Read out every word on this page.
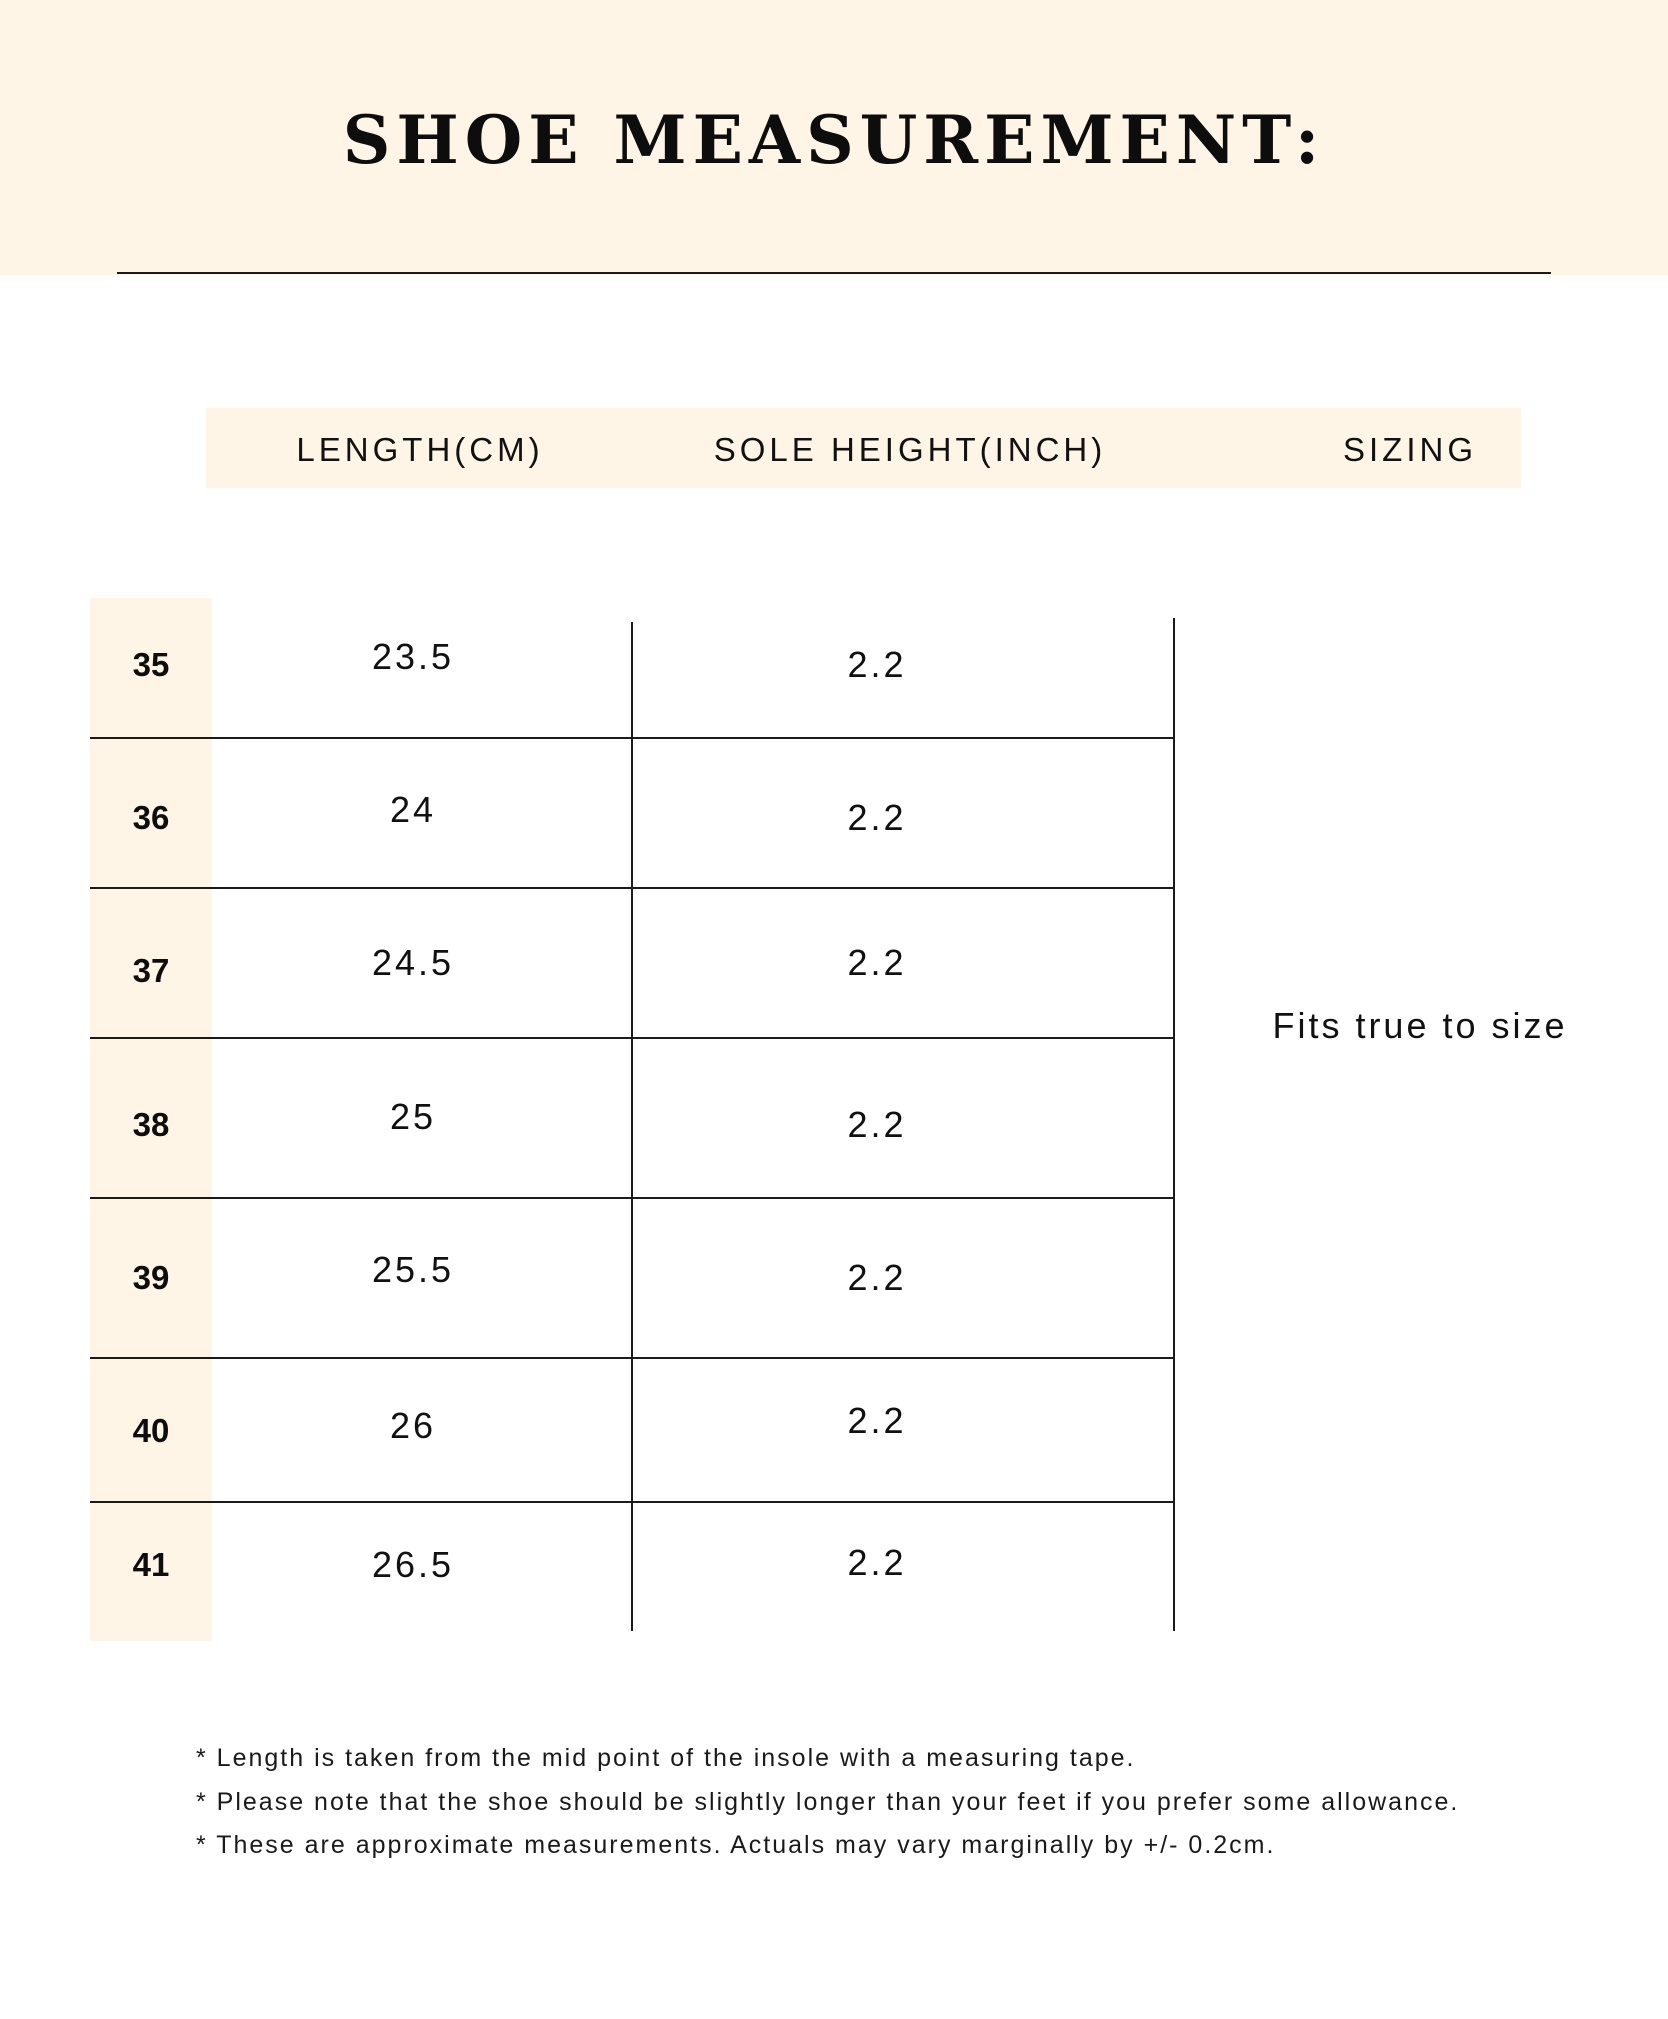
SHOE MEASUREMENT:
LENGTH(CM)	SOLE HEIGHT(INCH)	SIZING
35	23.5	2.2
36	24	2.2
37	24.5	2.2
38	25	2.2
39	25.5	2.2
40	26	2.2
41	26.5	2.2
Fits true to size
* Length is taken from the mid point of the insole with a measuring tape.
* Please note that the shoe should be slightly longer than your feet if you prefer some allowance.
* These are approximate measurements. Actuals may vary marginally by +/- 0.2cm.
